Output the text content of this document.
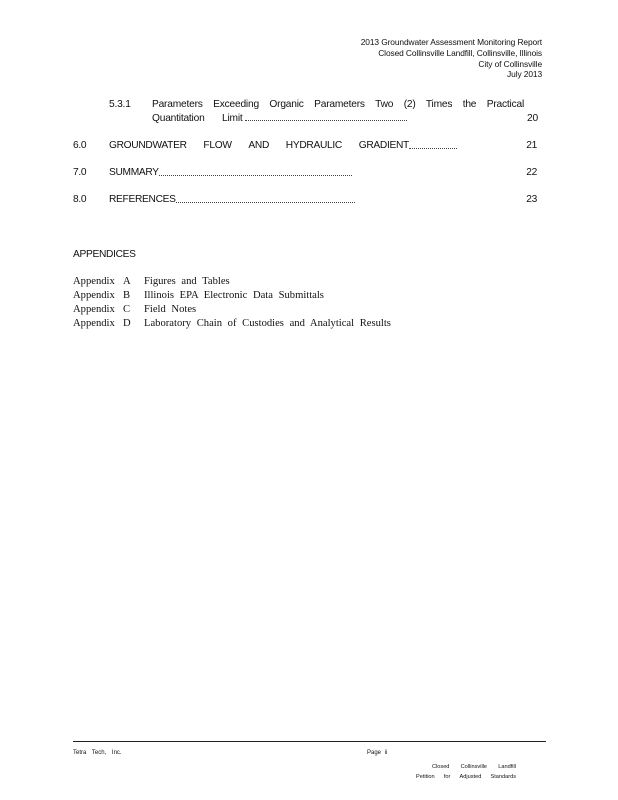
2013 Groundwater Assessment Monitoring Report
Closed Collinsville Landfill, Collinsville, Illinois
City of Collinsville
July 2013
5.3.1 Parameters Exceeding Organic Parameters Two (2) Times the Practical
Quantitation	Limit	20
6.0 GROUNDWATER FLOW AND HYDRAULIC GRADIENT	21
7.0 SUMMARY	22
8.0 REFERENCES	23
APPENDICES
Appendix A Figures and Tables
Appendix B Illinois EPA Electronic Data Submittals
Appendix C Field Notes
Appendix D Laboratory Chain of Custodies and Analytical Results
Tetra Tech, Inc.	Page ii
Closed Collinsville Landfill
Petition for Adjusted Standards
